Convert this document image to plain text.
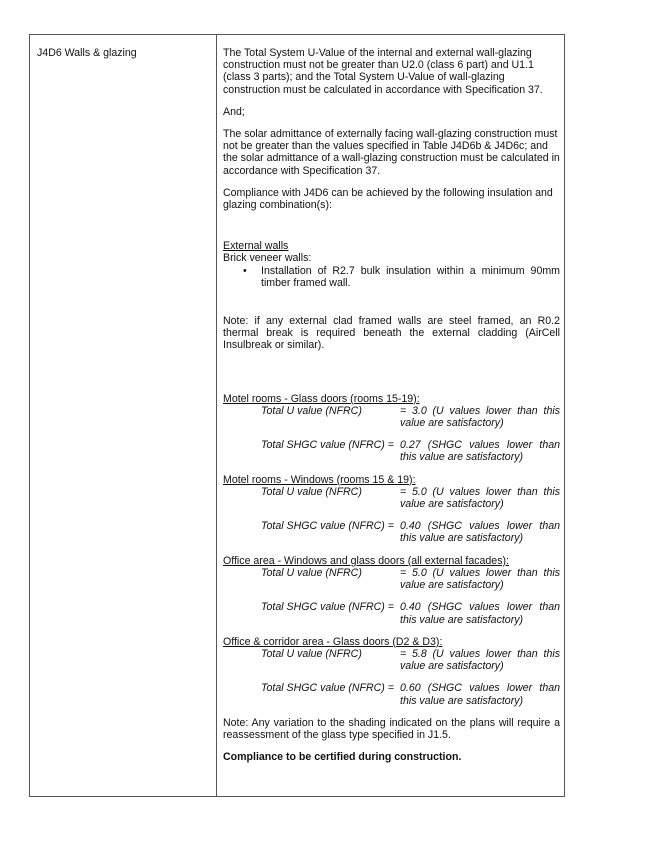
J4D6 Walls & glazing	The Total System U-Value of the internal and external wall-glazing construction must not be greater than U2.0 (class 6 part) and U1.1 (class 3 parts); and the Total System U-Value of wall-glazing construction must be calculated in accordance with Specification 37.

And;

The solar admittance of externally facing wall-glazing construction must not be greater than the values specified in Table J4D6b & J4D6c; and the solar admittance of a wall-glazing construction must be calculated in accordance with Specification 37.

Compliance with J4D6 can be achieved by the following insulation and glazing combination(s):

External walls

Brick veneer walls:

•	Installation of R2.7 bulk insulation within a minimum 90mm timber framed wall.

Note: if any external clad framed walls are steel framed, an R0.2 thermal break is required beneath the external cladding (AirCell Insulbreak or similar).

Motel rooms - Glass doors (rooms 15-19):

Total U value (NFRC)	= 3.0 (U values lower than this value are satisfactory)
Total SHGC value (NFRC) = 0.27 (SHGC values lower than this value are satisfactory)

Motel rooms - Windows (rooms 15 & 19):

Total U value (NFRC)	= 5.0 (U values lower than this value are satisfactory)
Total SHGC value (NFRC) = 0.40 (SHGC values lower than this value are satisfactory)

Office area - Windows and glass doors (all external facades):

Total U value (NFRC)	= 5.0 (U values lower than this value are satisfactory)
Total SHGC value (NFRC) = 0.40 (SHGC values lower than this value are satisfactory)

Office & corridor area - Glass doors (D2 & D3):

Total U value (NFRC)	= 5.8 (U values lower than this value are satisfactory)
Total SHGC value (NFRC) = 0.60 (SHGC values lower than this value are satisfactory)

Note: Any variation to the shading indicated on the plans will require a reassessment of the glass type specified in J1.5.

Compliance to be certified during construction.
